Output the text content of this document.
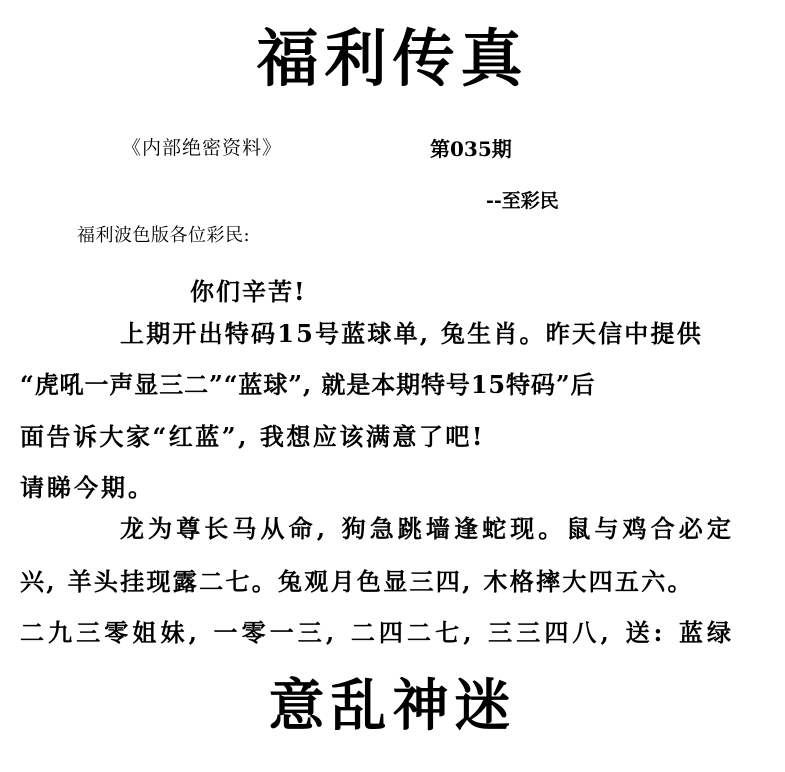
福利传真
《内部绝密资料》	第035期
--至彩民
福利波色版各位彩民:
你们辛苦!
上期开出特码15号蓝球单, 兔生肖。昨天信中提供
“虎吼一声显三二”“蓝球”, 就是本期特号15特码”后
面告诉大家“红蓝”, 我想应该满意了吧!
请睇今期。
龙为尊长马从命, 狗急跳墙逢蛇现。鼠与鸡合必定
兴, 羊头挂现露二七。兔观月色显三四, 木格摔大四五六。
二九三零姐妹, 一零一三, 二四二七, 三三四八, 送: 蓝绿
意乱神迷
